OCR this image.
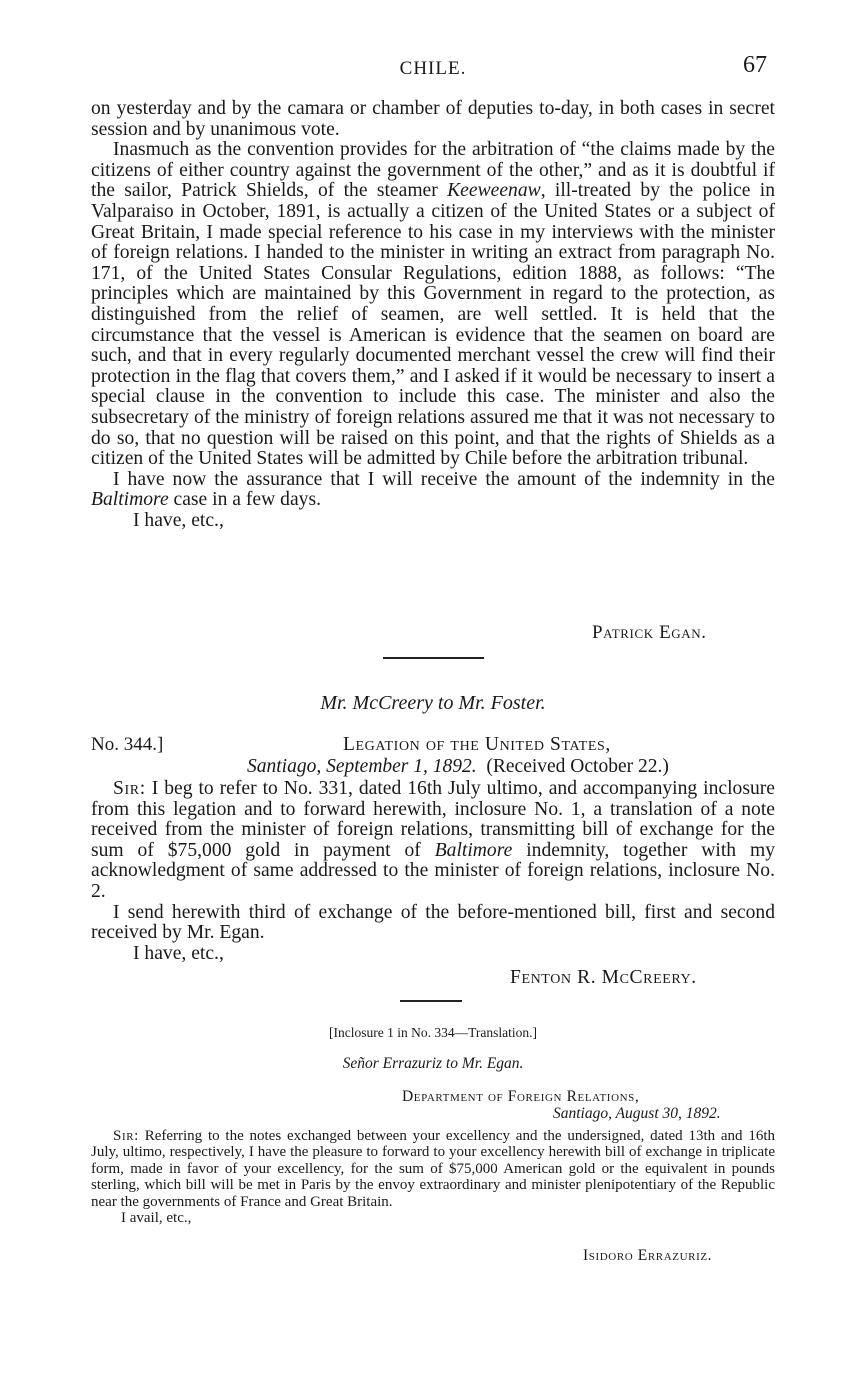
CHILE.	67

on yesterday and by the camara or chamber of deputies to-day, in both cases in secret session and by unanimous vote.

Inasmuch as the convention provides for the arbitration of “the claims made by the citizens of either country against the government of the other,” and as it is doubtful if the sailor, Patrick Shields, of the steamer Keeweenaw, ill-treated by the police in Valparaiso in October, 1891, is actually a citizen of the United States or a subject of Great Britain, I made special reference to his case in my interviews with the minister of foreign relations. I handed to the minister in writing an extract from paragraph No. 171, of the United States Consular Regulations, edition 1888, as follows: “The principles which are maintained by this Government in regard to the protection, as distinguished from the relief of seamen, are well settled. It is held that the circumstance that the vessel is American is evidence that the seamen on board are such, and that in every regularly documented merchant vessel the crew will find their protection in the flag that covers them,” and I asked if it would be necessary to insert a special clause in the convention to include this case. The minister and also the subsecretary of the ministry of foreign relations assured me that it was not necessary to do so, that no question will be raised on this point, and that the rights of Shields as a citizen of the United States will be admitted by Chile before the arbitration tribunal.

I have now the assurance that I will receive the amount of the indemnity in the Baltimore case in a few days.

I have, etc.,

Patrick Egan.
Mr. McCreery to Mr. Foster.
No. 344.]	Legation of the United States,
Santiago, September 1, 1892. (Received October 22.)

Sir: I beg to refer to No. 331, dated 16th July ultimo, and accompanying inclosure from this legation and to forward herewith, inclosure No. 1, a translation of a note received from the minister of foreign relations, transmitting bill of exchange for the sum of $75,000 gold in payment of Baltimore indemnity, together with my acknowledgment of same addressed to the minister of foreign relations, inclosure No. 2.

I send herewith third of exchange of the before-mentioned bill, first and second received by Mr. Egan.

I have, etc.,

Fenton R. McCreery.
[Inclosure 1 in No. 334—Translation.]
Señor Errazuriz to Mr. Egan.
Department of Foreign Relations,
Santiago, August 30, 1892.

Sir: Referring to the notes exchanged between your excellency and the undersigned, dated 13th and 16th July, ultimo, respectively, I have the pleasure to forward to your excellency herewith bill of exchange in triplicate form, made in favor of your excellency, for the sum of $75,000 American gold or the equivalent in pounds sterling, which bill will be met in Paris by the envoy extraordinary and minister plenipotentiary of the Republic near the governments of France and Great Britain.

I avail, etc.,

Isidoro Errazuriz.
